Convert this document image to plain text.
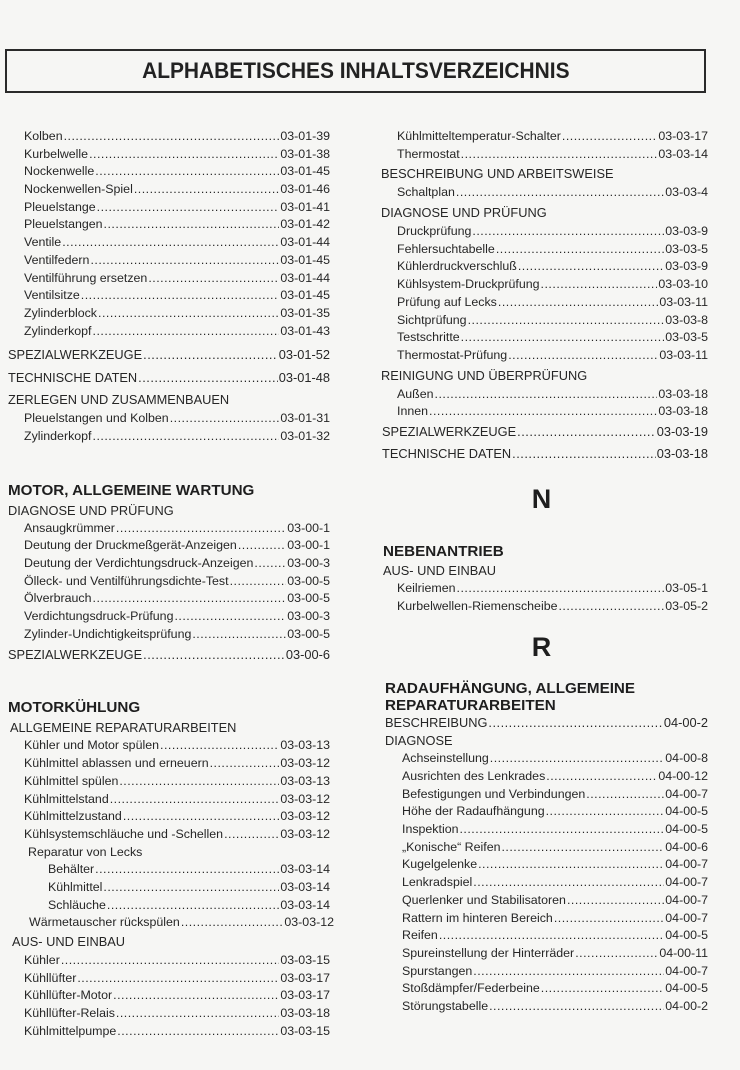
ALPHABETISCHES INHALTSVERZEICHNIS
Kolben .....	03-01-39
Kurbelwelle .....	03-01-38
Nockenwelle .....	03-01-45
Nockenwellen-Spiel .....	03-01-46
Pleuelstange .....	03-01-41
Pleuelstangen .....	03-01-42
Ventile .....	03-01-44
Ventilfedern .....	03-01-45
Ventilführung ersetzen .....	03-01-44
Ventilsitze .....	03-01-45
Zylinderblock .....	03-01-35
Zylinderkopf .....	03-01-43
SPEZIALWERKZEUGE .....	03-01-52
TECHNISCHE DATEN .....	03-01-48
ZERLEGEN UND ZUSAMMENBAUEN
Pleuelstangen und Kolben .....	03-01-31
Zylinderkopf .....	03-01-32
MOTOR, ALLGEMEINE WARTUNG
DIAGNOSE UND PRÜFUNG
Ansaugkrümmer .....	03-00-1
Deutung der Druckmeßgerät-Anzeigen .....	03-00-1
Deutung der Verdichtungsdruck-Anzeigen .....	03-00-3
Ölleck- und Ventilführungsdichte-Test .....	03-00-5
Ölverbrauch .....	03-00-5
Verdichtungsdruck-Prüfung .....	03-00-3
Zylinder-Undichtigkeitsprüfung .....	03-00-5
SPEZIALWERKZEUGE .....	03-00-6
MOTORKÜHLUNG
ALLGEMEINE REPARATURARBEITEN
Kühler und Motor spülen .....	03-03-13
Kühlmittel ablassen und erneuern .....	03-03-12
Kühlmittel spülen .....	03-03-13
Kühlmittelstand .....	03-03-12
Kühlmittelzustand .....	03-03-12
Kühlsystemschläuche und -Schellen .....	03-03-12
Reparatur von Lecks
Behälter .....	03-03-14
Kühlmittel .....	03-03-14
Schläuche .....	03-03-14
Wärmetauscher rückspülen .....	03-03-12
AUS- UND EINBAU
Kühler .....	03-03-15
Kühllüfter .....	03-03-17
Kühllüfter-Motor .....	03-03-17
Kühllüfter-Relais .....	03-03-18
Kühlmittelpumpe .....	03-03-15
Kühlmitteltemperatur-Schalter .....	03-03-17
Thermostat .....	03-03-14
BESCHREIBUNG UND ARBEITSWEISE
Schaltplan .....	03-03-4
DIAGNOSE UND PRÜFUNG
Druckprüfung .....	03-03-9
Fehlersuchtabelle .....	03-03-5
Kühlerdruckverschluß .....	03-03-9
Kühlsystem-Druckprüfung .....	03-03-10
Prüfung auf Lecks .....	03-03-11
Sichtprüfung .....	03-03-8
Testschritte .....	03-03-5
Thermostat-Prüfung .....	03-03-11
REINIGUNG UND ÜBERPRÜFUNG
Außen .....	03-03-18
Innen .....	03-03-18
SPEZIALWERKZEUGE .....	03-03-19
TECHNISCHE DATEN .....	03-03-18
N
NEBENANTRIEB
AUS- UND EINBAU
Keilriemen .....	03-05-1
Kurbelwellen-Riemenscheibe .....	03-05-2
R
RADAUFHÄNGUNG, ALLGEMEINE
REPARATURARBEITEN
BESCHREIBUNG .....	04-00-2
DIAGNOSE
Achseinstellung .....	04-00-8
Ausrichten des Lenkrades .....	04-00-12
Befestigungen und Verbindungen .....	04-00-7
Höhe der Radaufhängung .....	04-00-5
Inspektion .....	04-00-5
„Konische“ Reifen .....	04-00-6
Kugelgelenke .....	04-00-7
Lenkradspiel .....	04-00-7
Querlenker und Stabilisatoren .....	04-00-7
Rattern im hinteren Bereich .....	04-00-7
Reifen .....	04-00-5
Spureinstellung der Hinterräder .....	04-00-11
Spurstangen .....	04-00-7
Stoßdämpfer/Federbeine .....	04-00-5
Störungstabelle .....	04-00-2
